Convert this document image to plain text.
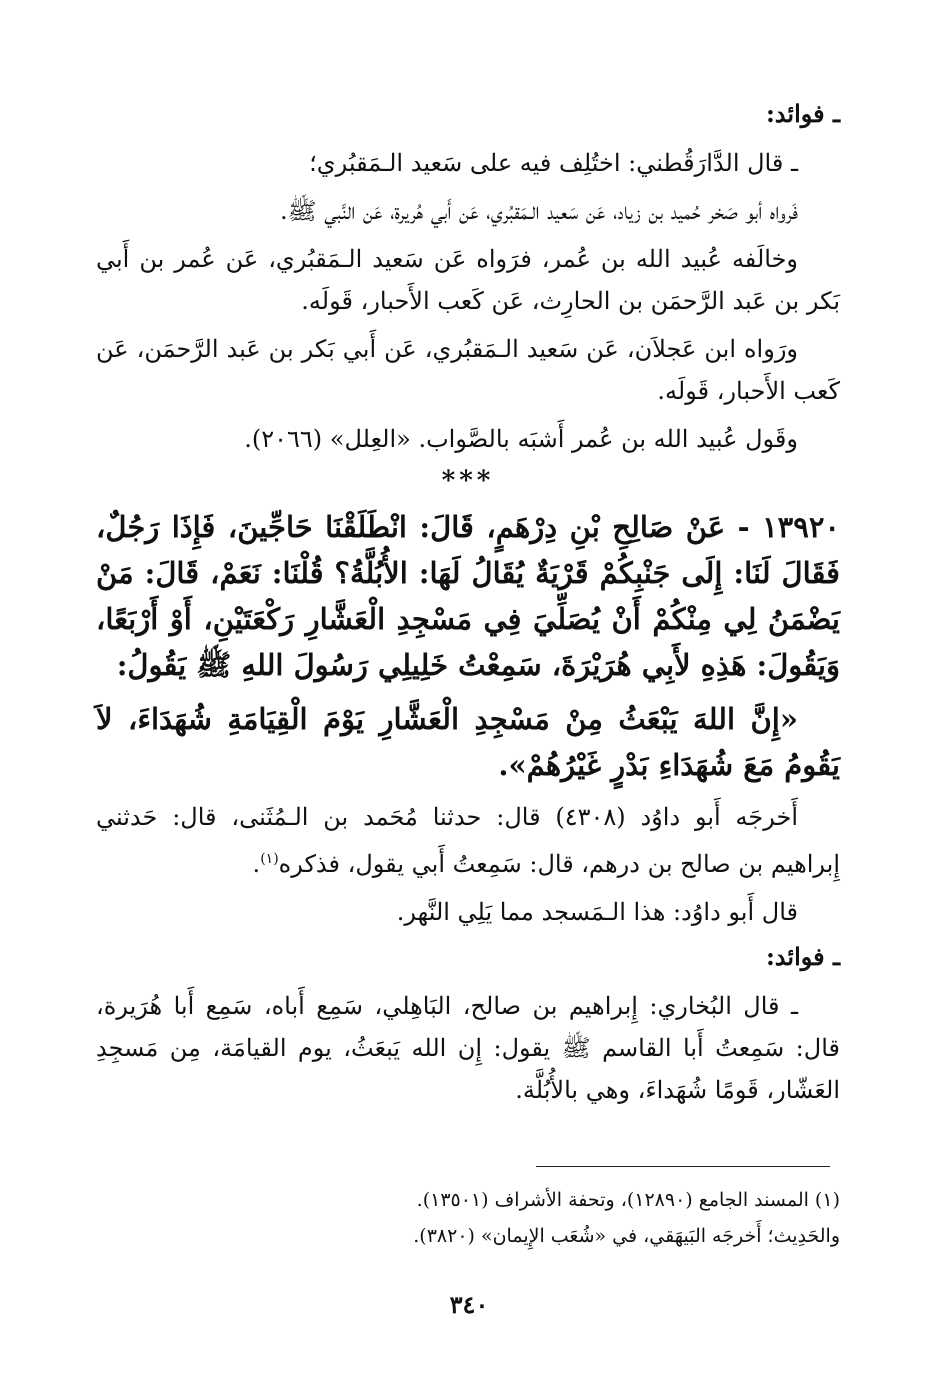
ـ فوائد:

ـ قال الدَّارَقُطني: اختُلِف فيه على سَعيد الـمَقبُري؛

فَرواه أبو صَخر حُميد بن زياد، عَن سَعيد الـمَقبُري، عَن أَبي هُريرة، عَن النَّبي ﷺ.

وخالَفه عُبيد الله بن عُمر، فرَواه عَن سَعيد الـمَقبُري، عَن عُمر بن أَبي بَكر بن عَبد الرَّحمَن بن الحارِث، عَن كَعب الأَحبار، قَولَه.

ورَواه ابن عَجلاَن، عَن سَعيد الـمَقبُري، عَن أَبي بَكر بن عَبد الرَّحمَن، عَن كَعب الأَحبار، قَولَه.

وقَول عُبيد الله بن عُمر أَشبَه بالصَّواب. «العِلل» (٢٠٦٦).

***

١٣٩٢٠ - عَنْ صَالِحِ بْنِ دِرْهَمٍ، قَالَ: انْطَلَقْنَا حَاجِّينَ، فَإِذَا رَجُلٌ، فَقَالَ لَنَا: إِلَى جَنْبِكُمْ قَرْيَةٌ يُقَالُ لَهَا: الأُبُلَّةُ؟ قُلْنَا: نَعَمْ، قَالَ: مَنْ يَضْمَنُ لِي مِنْكُمْ أَنْ يُصَلِّيَ فِي مَسْجِدِ الْعَشَّارِ رَكْعَتَيْنِ، أَوْ أَرْبَعًا، وَيَقُولَ: هَذِهِ لأَبِي هُرَيْرَةَ، سَمِعْتُ خَلِيلِي رَسُولَ اللهِ ﷺ يَقُولُ:

«إِنَّ اللهَ يَبْعَثُ مِنْ مَسْجِدِ الْعَشَّارِ يَوْمَ الْقِيَامَةِ شُهَدَاءَ، لاَ يَقُومُ مَعَ شُهَدَاءِ بَدْرٍ غَيْرُهُمْ».

أَخرجَه أَبو داوُد (٤٣٠٨) قال: حدثنا مُحَمد بن الـمُثَنى، قال: حَدثني إِبراهيم بن صالح بن درهم، قال: سَمِعتُ أَبي يقول، فذكره$^{(١)}$.

قال أَبو داوُد: هذا الـمَسجد مما يَلِي النَّهر.

ـ فوائد:

ـ قال البُخاري: إِبراهيم بن صالح، البَاهِلي، سَمِع أَباه، سَمِع أَبا هُرَيرة، قال: سَمِعتُ أَبا القاسم ﷺ يقول: إِن الله يَبعَثُ، يوم القيامَة، مِن مَسجِدِ العَشّار، قَومًا شُهَداءَ، وهي بالأُبُلَّة.

(١) المسند الجامع (١٢٨٩٠)، وتحفة الأشراف (١٣٥٠١).
والحَدِيث؛ أَخرجَه البَيهَقي، في «شُعَب الإِيمان» (٣٨٢٠).
٣٤٠
